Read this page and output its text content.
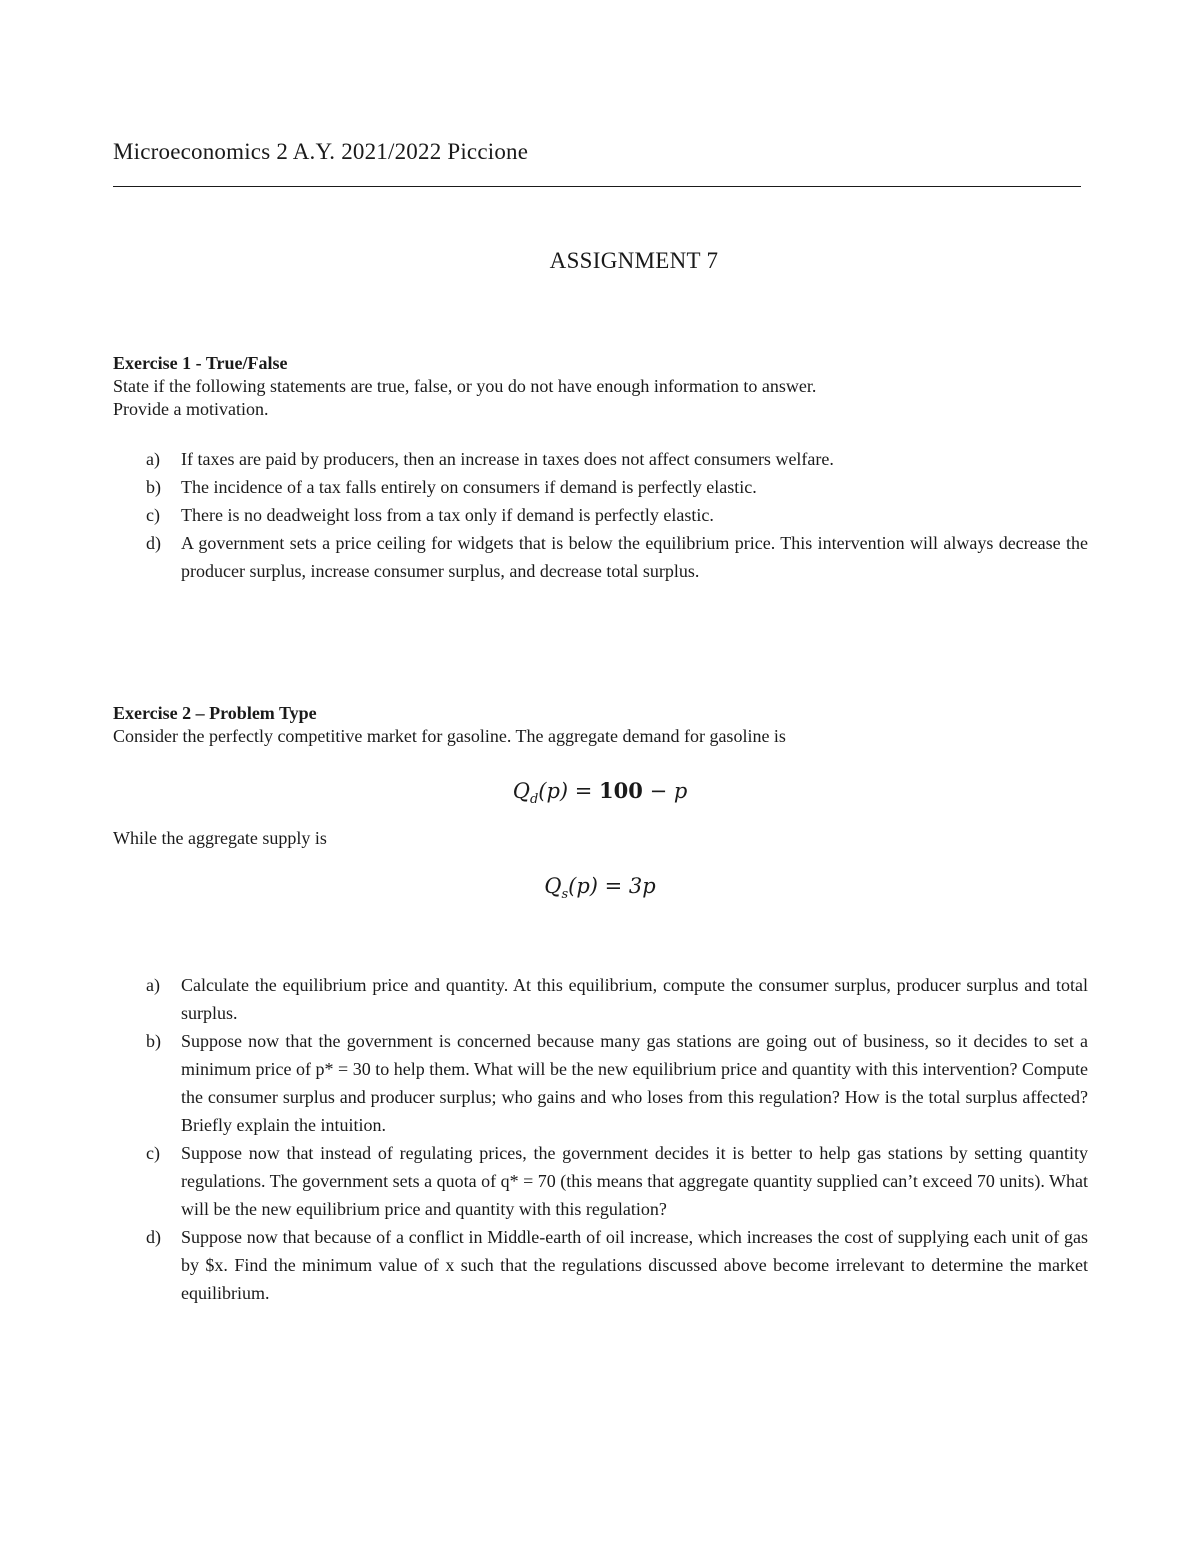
Microeconomics 2 A.Y. 2021/2022 Piccione
ASSIGNMENT 7

Exercise 1 - True/False

State if the following statements are true, false, or you do not have enough information to answer.

Provide a motivation.

a) If taxes are paid by producers, then an increase in taxes does not affect consumers welfare.
b) The incidence of a tax falls entirely on consumers if demand is perfectly elastic.
c) There is no deadweight loss from a tax only if demand is perfectly elastic.
d) A government sets a price ceiling for widgets that is below the equilibrium price. This intervention will always decrease the producer surplus, increase consumer surplus, and decrease total surplus.

Exercise 2 – Problem Type

Consider the perfectly competitive market for gasoline. The aggregate demand for gasoline is

$Q_d(p) = 100 - p$

While the aggregate supply is

$Q_s(p) = 3p$
a) Calculate the equilibrium price and quantity. At this equilibrium, compute the consumer surplus, producer surplus and total surplus.
b) Suppose now that the government is concerned because many gas stations are going out of business, so it decides to set a minimum price of p* = 30 to help them. What will be the new equilibrium price and quantity with this intervention? Compute the consumer surplus and producer surplus; who gains and who loses from this regulation? How is the total surplus affected? Briefly explain the intuition.
c) Suppose now that instead of regulating prices, the government decides it is better to help gas stations by setting quantity regulations. The government sets a quota of q* = 70 (this means that aggregate quantity supplied can’t exceed 70 units). What will be the new equilibrium price and quantity with this regulation?
d) Suppose now that because of a conflict in Middle-earth of oil increase, which increases the cost of supplying each unit of gas by $x. Find the minimum value of x such that the regulations discussed above become irrelevant to determine the market equilibrium.
